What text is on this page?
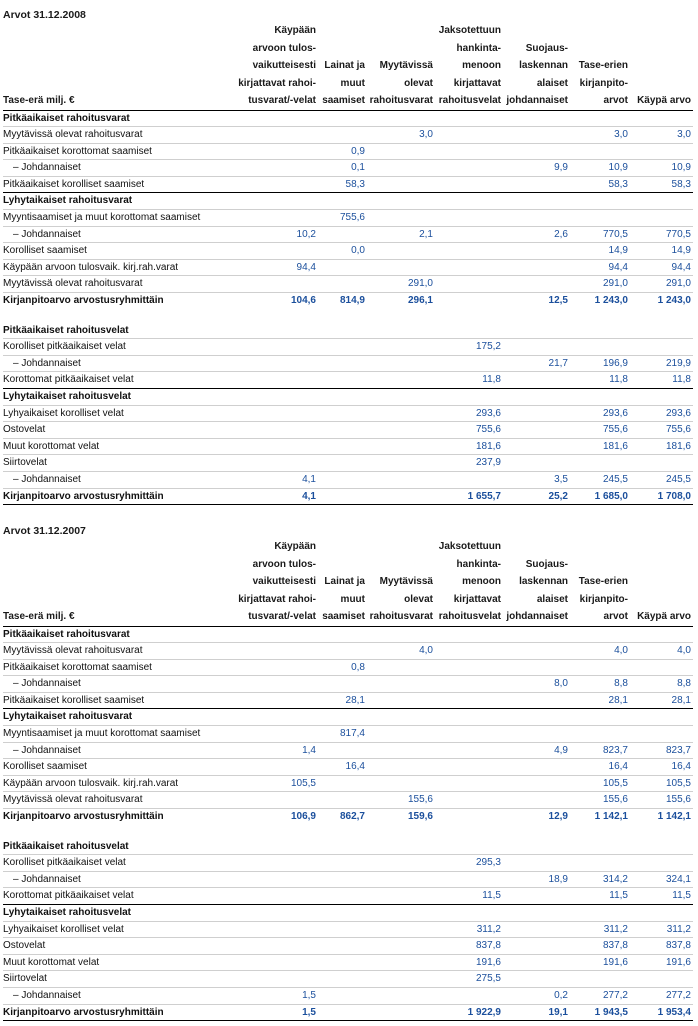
Arvot 31.12.2008
Tase-erä milj. €	Käypään
arvoon tulos-
vaikutteisesti
kirjattavat rahoi-
tusvarat/-velat	Lainat ja
muut
saamiset	Myytävissä
olevat
rahoitusvarat	Jaksotettuun
hankinta-
menoon
kirjattavat
rahoitusvelat	Suojaus-
laskennan
alaiset
johdannaiset	Tase-erien
kirjanpito-
arvot	Käypä arvo
Pitkäaikaiset rahoitusvarat							
Myytävissä olevat rahoitusvarat			3,0			3,0	3,0
Pitkäaikaiset korottomat saamiset		0,9					
– Johdannaiset		0,1			9,9	10,9	10,9
Pitkäaikaiset korolliset saamiset		58,3				58,3	58,3
Lyhytaikaiset rahoitusvarat							
Myyntisaamiset ja muut korottomat saamiset		755,6					
– Johdannaiset	10,2		2,1		2,6	770,5	770,5
Korolliset saamiset		0,0				14,9	14,9
Käypään arvoon tulosvaik. kirj.rah.varat	94,4					94,4	94,4
Myytävissä olevat rahoitusvarat			291,0			291,0	291,0
Kirjanpitoarvo arvostusryhmittäin	104,6	814,9	296,1		12,5	1 243,0	1 243,0

Pitkäaikaiset rahoitusvelat							
Korolliset pitkäaikaiset velat				175,2			
– Johdannaiset					21,7	196,9	219,9
Korottomat pitkäaikaiset velat				11,8		11,8	11,8
Lyhytaikaiset rahoitusvelat							
Lyhyaikaiset korolliset velat				293,6		293,6	293,6
Ostovelat				755,6		755,6	755,6
Muut korottomat velat				181,6		181,6	181,6
Siirtovelat				237,9			
– Johdannaiset	4,1				3,5	245,5	245,5
Kirjanpitoarvo arvostusryhmittäin	4,1			1 655,7	25,2	1 685,0	1 708,0
Arvot 31.12.2007
Tase-erä milj. €	Käypään
arvoon tulos-
vaikutteisesti
kirjattavat rahoi-
tusvarat/-velat	Lainat ja
muut
saamiset	Myytävissä
olevat
rahoitusvarat	Jaksotettuun
hankinta-
menoon
kirjattavat
rahoitusvelat	Suojaus-
laskennan
alaiset
johdannaiset	Tase-erien
kirjanpito-
arvot	Käypä arvo
Pitkäaikaiset rahoitusvarat							
Myytävissä olevat rahoitusvarat			4,0			4,0	4,0
Pitkäaikaiset korottomat saamiset		0,8					
– Johdannaiset					8,0	8,8	8,8
Pitkäaikaiset korolliset saamiset		28,1				28,1	28,1
Lyhytaikaiset rahoitusvarat							
Myyntisaamiset ja muut korottomat saamiset		817,4					
– Johdannaiset	1,4				4,9	823,7	823,7
Korolliset saamiset		16,4				16,4	16,4
Käypään arvoon tulosvaik. kirj.rah.varat	105,5					105,5	105,5
Myytävissä olevat rahoitusvarat			155,6			155,6	155,6
Kirjanpitoarvo arvostusryhmittäin	106,9	862,7	159,6		12,9	1 142,1	1 142,1

Pitkäaikaiset rahoitusvelat							
Korolliset pitkäaikaiset velat				295,3			
– Johdannaiset					18,9	314,2	324,1
Korottomat pitkäaikaiset velat				11,5		11,5	11,5
Lyhytaikaiset rahoitusvelat							
Lyhyaikaiset korolliset velat				311,2		311,2	311,2
Ostovelat				837,8		837,8	837,8
Muut korottomat velat				191,6		191,6	191,6
Siirtovelat				275,5			
– Johdannaiset	1,5				0,2	277,2	277,2
Kirjanpitoarvo arvostusryhmittäin	1,5			1 922,9	19,1	1 943,5	1 953,4
